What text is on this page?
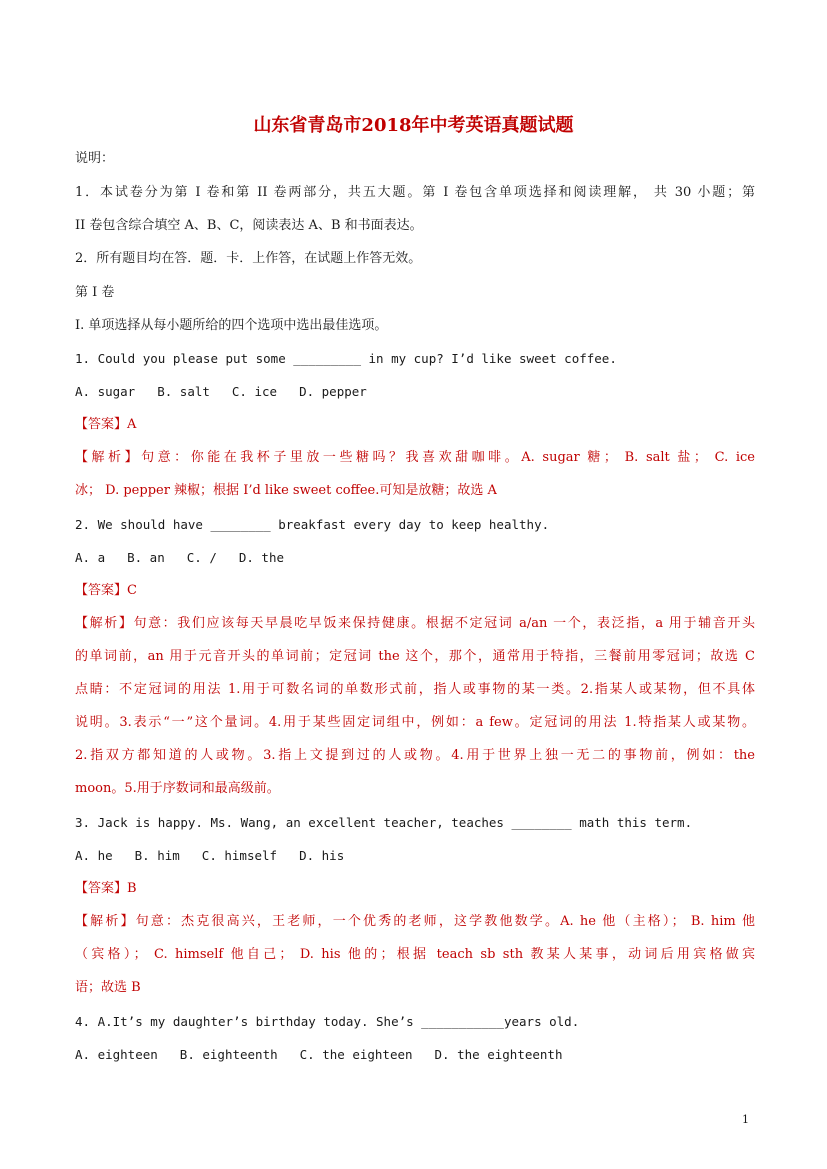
山东省青岛市2018年中考英语真题试题
说明：
1．本试卷分为第 I 卷和第 II 卷两部分，共五大题。第 I 卷包含单项选择和阅读理解， 共 30 小题；第
II 卷包含综合填空 A、B、C，阅读表达 A、B 和书面表达。
2．所有题目均在答．题．卡．上作答，在试题上作答无效。
第 I 卷
I. 单项选择从每小题所给的四个选项中选出最佳选项。
1. Could you please put some _________ in my cup? I’d like sweet coffee.
A. sugar B. salt C. ice D. pepper
【答案】A
【解析】句意：你能在我杯子里放一些糖吗？我喜欢甜咖啡。A. sugar 糖； B. salt 盐； C. ice
冰； D. pepper 辣椒；根据 I’d like sweet coffee.可知是放糖；故选 A
2. We should have ________ breakfast every day to keep healthy.
A. a B. an C. / D. the
【答案】C
【解析】句意：我们应该每天早晨吃早饭来保持健康。根据不定冠词 a/an 一个，表泛指，a 用于辅音开头
的单词前，an 用于元音开头的单词前；定冠词 the 这个，那个，通常用于特指，三餐前用零冠词；故选 C
点睛：不定冠词的用法 1.用于可数名词的单数形式前，指人或事物的某一类。2.指某人或某物，但不具体
说明。3.表示“一”这个量词。4.用于某些固定词组中，例如：a few。定冠词的用法 1.特指某人或某物。
2.指双方都知道的人或物。3.指上文提到过的人或物。4.用于世界上独一无二的事物前，例如：the
moon。5.用于序数词和最高级前。
3. Jack is happy. Ms. Wang, an excellent teacher, teaches ________ math this term.
A. he B. him C. himself D. his
【答案】B
【解析】句意：杰克很高兴，王老师，一个优秀的老师，这学教他数学。A. he 他（主格）； B. him 他
（宾格）； C. himself 他自己； D. his 他的；根据 teach sb sth 教某人某事，动词后用宾格做宾
语；故选 B
4. A.It’s my daughter’s birthday today. She’s ___________years old.
A. eighteen B. eighteenth C. the eighteen D. the eighteenth
1
